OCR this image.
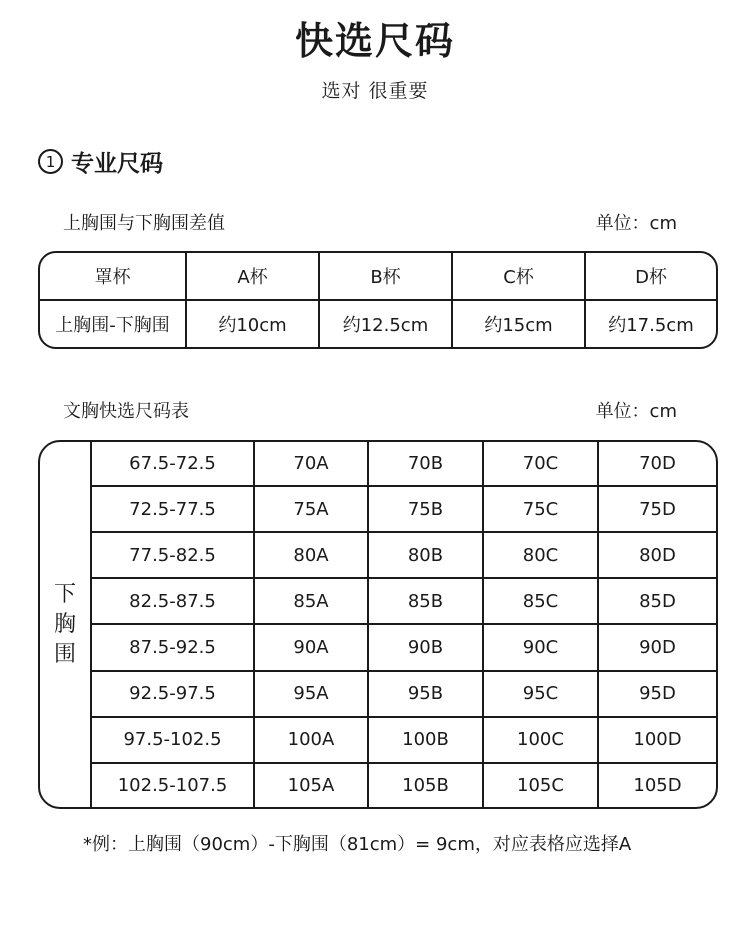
快选尺码
选对 很重要
1 专业尺码
上胸围与下胸围差值	单位：cm
罩杯	A杯	B杯	C杯	D杯
上胸围-下胸围	约10cm	约12.5cm	约15cm	约17.5cm
文胸快选尺码表	单位：cm
下胸围	67.5-72.5	70A	70B	70C	70D
	72.5-77.5	75A	75B	75C	75D
	77.5-82.5	80A	80B	80C	80D
	82.5-87.5	85A	85B	85C	85D
	87.5-92.5	90A	90B	90C	90D
	92.5-97.5	95A	95B	95C	95D
	97.5-102.5	100A	100B	100C	100D
	102.5-107.5	105A	105B	105C	105D
*例：上胸围（90cm）-下胸围（81cm）= 9cm，对应表格应选择A
